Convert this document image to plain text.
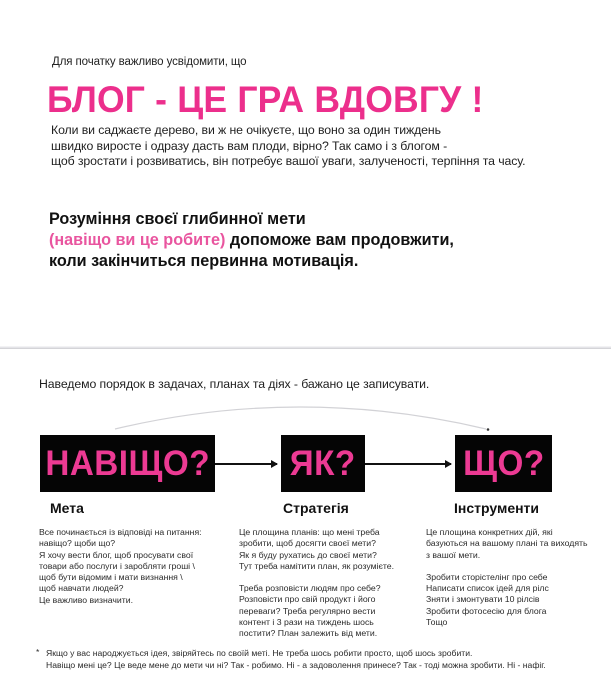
Для початку важливо усвідомити, що
БЛОГ - ЦЕ ГРА ВДОВГУ !
Коли ви саджаєте дерево, ви ж не очікуєте, що воно за один тиждень
швидко виросте і одразу дасть вам плоди, вірно? Так само і з блогом -
щоб зростати і розвиватись, він потребує вашої уваги, залученості, терпіння та часу.
Розуміння своєї глибинної мети
(навіщо ви це робите) допоможе вам продовжити,
коли закінчиться первинна мотивація.
Наведемо порядок в задачах, планах та діях - бажано це записувати.
НАВІЩО? ЯК?	ЩО?
Мета	Стратегія	Інструменти
Все починається із відповіді на питання:
навіщо? щоби що?
Я хочу вести блог, щоб просувати свої
товари або послуги і заробляти гроші \
щоб бути відомим і мати визнання \
щоб навчати людей?
Це важливо визначити.
Це площина планів: що мені треба
зробити, щоб досягти своєї мети?
Як я буду рухатись до своєї мети?
Тут треба намітити план, як розумієте.
Треба розповісти людям про себе?
Розповісти про свій продукт і його
переваги? Треба регулярно вести
контент і 3 рази на тиждень шось
постити? План залежить від мети.
Це площина конкретних дій, які
базуються на вашому плані та виходять
з вашої мети.
Зробити сторістелінг про себе
Написати список ідей для рілс
Зняти і змонтувати 10 рілсів
Зробити фотосесію для блога
Тощо
* Якщо у вас народжується ідея, звіряйтесь по своїй меті. Не треба шось робити просто, щоб шось зробити.
Навіщо мені це? Це веде мене до мети чи ні? Так - робимо. Ні - а задоволення принесе? Так - тоді можна зробити. Ні - нафіг.
